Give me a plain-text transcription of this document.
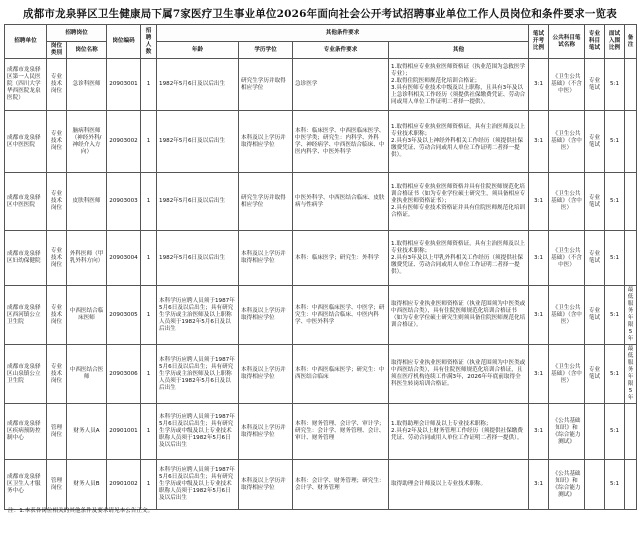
成都市龙泉驿区卫生健康局下属7家医疗卫生事业单位2026年面向社会公开考试招聘事业单位工作人员岗位和条件要求一览表
招聘单位	招聘岗位		岗位编码	招聘人数	其他条件要求				笔试开考比例	公共科目笔试名称	专业科目笔试	面试入围比例	备注
	岗位类别	岗位名称			年龄	学历学位	专业条件要求	其他					
成都市龙泉驿区第一人民医院（四川大学华西医院龙泉医院）	专业技术岗位	急诊科医师	20903001	1	1982年5月6日及以后出生	研究生学历并取得相应学位	急诊医学	1.取得相应专业执业医师资格证（执业范围为急救医学专业）；
2.取得住院医师规范化培训合格证；
3.具有医师专业技术中级及以上职称，且具有3年及以上急诊科相关工作经历（须提供社保缴费凭证、劳动合同或用人单位工作证明二者择一提供）。	3:1	《卫生公共基础》（不含中医）	专业笔试	5:1	
成都市龙泉驿区中医医院	专业技术岗位	脑病科医师（神经外科/神经介入方向）	20903002	1	1982年5月6日及以后出生	本科及以上学历并取得相应学位	本科：临床医学、中西医临床医学、中医学类；研究生：内科学、外科学、神经病学、中西医结合临床、中医内科学、中医外科学	1.取得相应专业执业医师资格证，具有主治医师及以上专业技术职称；
2.具有3年及以上神经外科相关工作经历（须提供社保缴费凭证、劳动合同或用人单位工作证明二者择一提供）。	3:1	《卫生公共基础》（含中医）	专业笔试	5:1	
成都市龙泉驿区中医医院	专业技术岗位	皮肤科医师	20903003	1	1982年5月6日及以后出生	研究生学历并取得相应学位	中医外科学、中西医结合临床、皮肤病与性病学	1.取得相应专业执业医师资格并具有住院医师规范化培训合格证书（如为专业学位硕士研究生，须具备相应专业执业医师资格证书）；
2.具有医师专业技术资格证并具有住院医师规范化培训合格证。	3:1	《卫生公共基础》（含中医）	专业笔试	5:1	
成都市龙泉驿区妇幼保健院	专业技术岗位	外科医师（甲乳外科方向）	20903004	1	1982年5月6日及以后出生	本科及以上学历并取得相应学位	本科：临床医学；研究生：外科学	1.取得相应专业执业医师资格证，具有主治医师及以上专业技术职称；
2.具有3年及以上甲乳外科相关工作经历（须提供社保缴费凭证、劳动合同或用人单位工作证明二者择一提供）。	3:1	《卫生公共基础》（不含中医）	专业笔试	5:1	
成都市龙泉驿区西河镇公立卫生院	专业技术岗位	中西医结合临床医师	20903005	1	本科学历应聘人员须于1987年5月6日及以后出生；具有研究生学历或主治医师及以上职称人员须于1982年5月6日及以后出生	本科及以上学历并取得相应学位	本科：中西医临床医学、中医学；研究生：中西医结合临床、中医内科学、中医外科学	取得相应专业执业医师资格证（执业范围须为中医类或中西医结合类），具有住院医师规范化培训合格证书（如为专业学位硕士研究生则须具备住院医师规范化培训合格证）。	3:1	《卫生公共基础》（含中医）	专业笔试	5:1	最低服务年限5年
成都市龙泉驿区山泉镇公立卫生院	专业技术岗位	中西医结合医师	20903006	1	本科学历应聘人员须于1987年5月6日及以后出生；具有研究生学历或主治医师及以上职称人员须于1982年5月6日及以后出生	本科及以上学历并取得相应学位	本科：中西医临床医学；研究生：中西医结合临床	取得相应专业执业医师资格证（执业范围须为中医类或中西医结合类），具有住院医师规范化培训合格证，且须在医疗机构连续工作满3年，2026年年底前取得全科医生转岗培训合格证。	3:1	《卫生公共基础》（含中医）	专业笔试	5:1	最低服务年限5年
成都市龙泉驿区疾病预防控制中心	管理岗位	财务人员A	20901001	1	本科学历应聘人员须于1987年5月6日及以后出生；具有研究生学历或中级及以上专业技术职称人员须于1982年5月6日及以后出生	本科及以上学历并取得相应学位	本科：财务管理、会计学、审计学；研究生：会计学、财务管理、会计、审计、财务管理	1.取得助理会计师及以上专业技术职称；
2.具有2年及以上财务管理工作经历（须提供社保缴费凭证、劳动合同或用人单位工作证明二者择一提供）。	3:1	《公共基础知识》和《综合能力测试》		5:1	
成都市龙泉驿区卫生人才服务中心	管理岗位	财务人员B	20901002	1	本科学历应聘人员须于1987年5月6日及以后出生；具有研究生学历或中级及以上专业技术职称人员须于1982年5月6日及以后出生	本科及以上学历并取得相应学位	本科：会计学、财务管理；研究生：会计学、财务管理	取得助理会计师及以上专业技术职称。	3:1	《公共基础知识》和《综合能力测试》		5:1	
注：1.本表各岗位相关的其他条件及要求请见本公告正文。
